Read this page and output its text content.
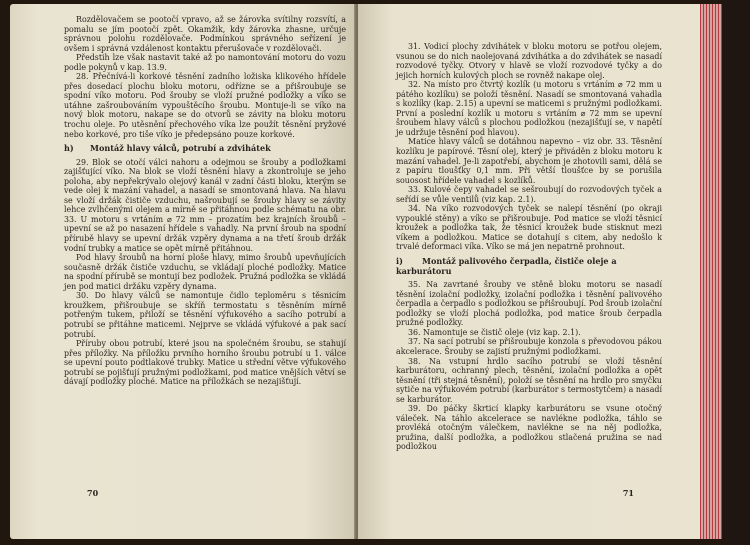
Rozdělovačem se pootočí vpravo, až se žárovka svítilny rozsvítí, a pomalu se jím pootočí zpět. Okamžik, kdy žárovka zhasne, určuje správnou polohu rozdělovače. Podmínkou správného seřízení je ovšem i správná vzdálenost kontaktu přerušovače v rozdělovači.

Předstih lze však nastavit také až po namontování motoru do vozu podle pokynů v kap. 13.9.

28. Přečnívá-li korkové těsnění zadního ložiska klikového hřídele přes dosedací plochu bloku motoru, odřízne se a přišroubuje se spodní víko motoru. Pod šrouby se vloží pružné podložky a víko se utáhne zašroubováním vypouštěcího šroubu. Montuje-li se víko na nový blok motoru, nakape se do otvorů se závity na bloku motoru trochu oleje. Po utěsnění přechového víka lze použít těsnění pryžové nebo korkové, pro tiše víko je předepsáno pouze korkové.

h) Montáž hlavy válců, potrubí a zdvihátek

29. Blok se otočí válci nahoru a odejmou se šrouby a podložkami zajišťující víko. Na blok se vloží těsnění hlavy a zkontroluje se jeho poloha, aby nepřekrývalo olejový kanál v zadní části bloku, kterým se vede olej k mazání vahadel, a nasadí se smontovaná hlava. Na hlavu se vloží držák čističe vzduchu, našroubují se šrouby hlavy se závity lehce zvlhčenými olejem a mírně se přitáhnou podle schématu na obr. 33. U motoru s vrtáním ⌀ 72 mm – prozatím bez krajních šroubů – upevní se až po nasazení hřídele s vahadly. Na první šroub na spodní přírubě hlavy se upevní držák vzpěry dynama a na třetí šroub držák vodní trubky a matice se opět mírně přitáhnou.

Pod hlavy šroubů na horní ploše hlavy, mimo šroubů upevňujících současně držák čističe vzduchu, se vkládají ploché podložky. Matice na spodní přírubě se montují bez podložek. Pružná podložka se vkládá jen pod matici držáku vzpěry dynama.

30. Do hlavy válců se namontuje čidlo teploměru s těsnicím kroužkem, přišroubuje se skříň termostatu s těsněním mírně potřeným tukem, přiloží se těsnění výfukového a sacího potrubí a potrubí se přitáhne maticemi. Nejprve se vkládá výfukové a pak sací potrubí.

Příruby obou potrubí, které jsou na společném šroubu, se stahují přes příložky. Na příložku prvního horního šroubu potrubí u 1. válce se upevní pouto podtlakové trubky. Matice u střední větve výfukového potrubí se pojišťují pružnými podložkami, pod matice vnějších větví se dávají podložky ploché. Matice na příložkách se nezajišťují.

70

31. Vodicí plochy zdvihátek v bloku motoru se potřou olejem, vsunou se do nich naolejovaná zdvihátka a do zdvihátek se nasadí rozvodové tyčky. Otvory v hlavě se vloží rozvodové tyčky a do jejich horních kulových ploch se rovněž nakape olej.

32. Na místo pro čtvrtý kozlík (u motoru s vrtáním ⌀ 72 mm u pátého kozlíku) se položí těsnění. Nasadí se smontovaná vahadla s kozlíky (kap. 2.15) a upevní se maticemi s pružnými podložkami. První a poslední kozlík u motoru s vrtáním ⌀ 72 mm se upevní šroubem hlavy válců s plochou podložkou (nezajišťují se, v napětí je udržuje těsnění pod hlavou).

Matice hlavy válců se dotáhnou napevno – viz obr. 33. Těsnění kozlíku je papírové. Těsní olej, který je přiváděn z bloku motoru k mazání vahadel. Je-li zapotřebí, abychom je zhotovili sami, dělá se z papíru tloušťky 0,1 mm. Při větší tloušťce by se porušila souosost hřídele vahadel s kozlíků.

33. Kulové čepy vahadel se sešroubují do rozvodových tyček a seřídí se vůle ventilů (viz kap. 2.1).

34. Na víko rozvodových tyček se nalepí těsnění (po okraji vypouklé stěny) a víko se přišroubuje. Pod matice se vloží těsnicí kroužek a podložka tak, že těsnicí kroužek bude stisknut mezi víkem a podložkou. Matice se dotahují s citem, aby nedošlo k trvalé deformaci víka. Víko se má jen nepatrně prohnout.

i) Montáž palivového čerpadla, čističe oleje a karburátoru

35. Na zavrtané šrouby ve stěně bloku motoru se nasadí těsnění izolační podložky, izolační podložka i těsnění palivového čerpadla a čerpadlo s podložkou se přišroubují. Pod šroub izolační podložky se vloží plochá podložka, pod matice šroub čerpadla pružné podložky.

36. Namontuje se čistič oleje (viz kap. 2.1).

37. Na sací potrubí se přišroubuje konzola s převodovou pákou akcelerace. Šrouby se zajistí pružnými podložkami.

38. Na vstupní hrdlo sacího potrubí se vloží těsnění karburátoru, ochranný plech, těsnění, izolační podložka a opět těsnění (tři stejná těsnění), položí se těsnění na hrdlo pro smyčku sytiče na výfukovém potrubí (karburátor s termostytčem) a nasadí se karburátor.

39. Do páčky škrticí klapky karburátoru se vsune otočný váleček. Na táhlo akcelerace se navlékne podložka, táhlo se provléká otočným válečkem, navlékne se na něj podložka, pružina, další podložka, a podložkou stlačená pružina se nad podložkou

71
